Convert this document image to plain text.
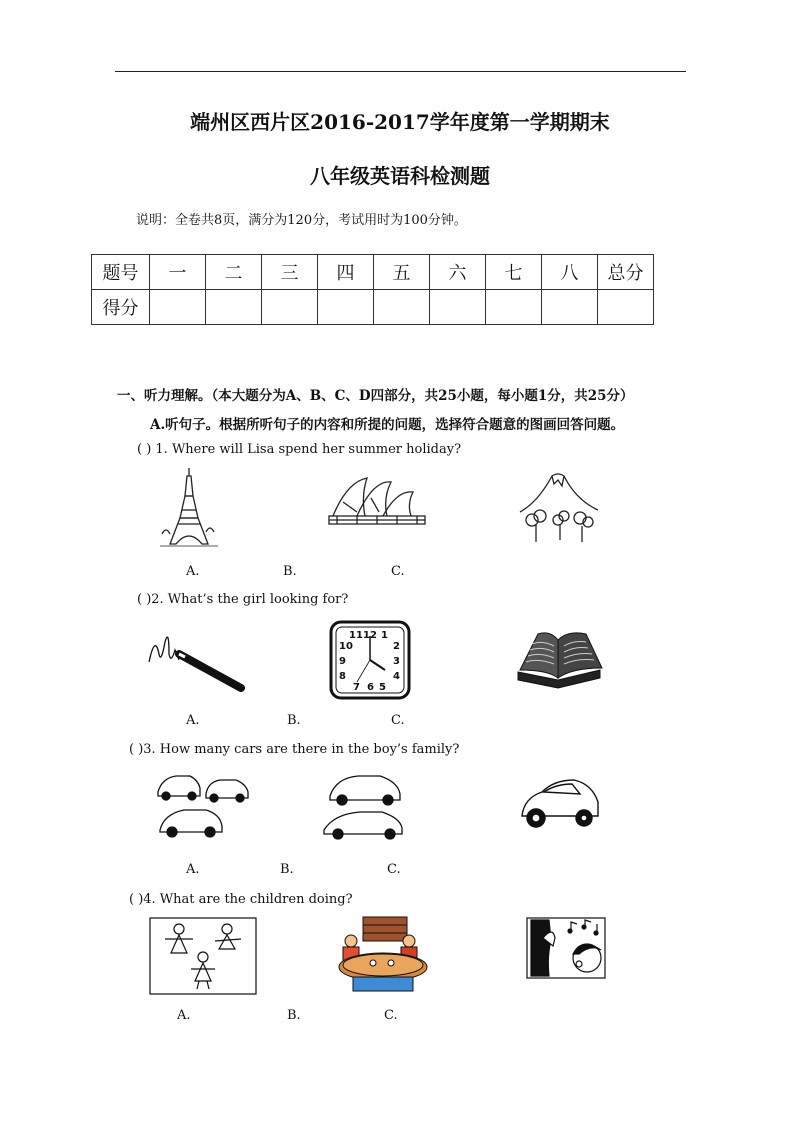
端州区西片区2016-2017学年度第一学期期末
八年级英语科检测题
说明：全卷共8页，满分为120分，考试用时为100分钟。
题号	一	二	三	四	五	六	七	八	总分
得分									
一、听力理解。（本大题分为A、B、C、D四部分，共25小题，每小题1分，共25分）
A.听句子。根据所听句子的内容和所提的问题，选择符合题意的图画回答问题。
( ) 1. Where will Lisa spend her summer holiday?
A.	B.	C.
( )2. What’s the girl looking for?
12
11 1
10	2
9	3
8	4
7 6 5
A.	B.	C.
( )3. How many cars are there in the boy’s family?
A.	B.	C.
( )4. What are the children doing?
A.	B.	C.
